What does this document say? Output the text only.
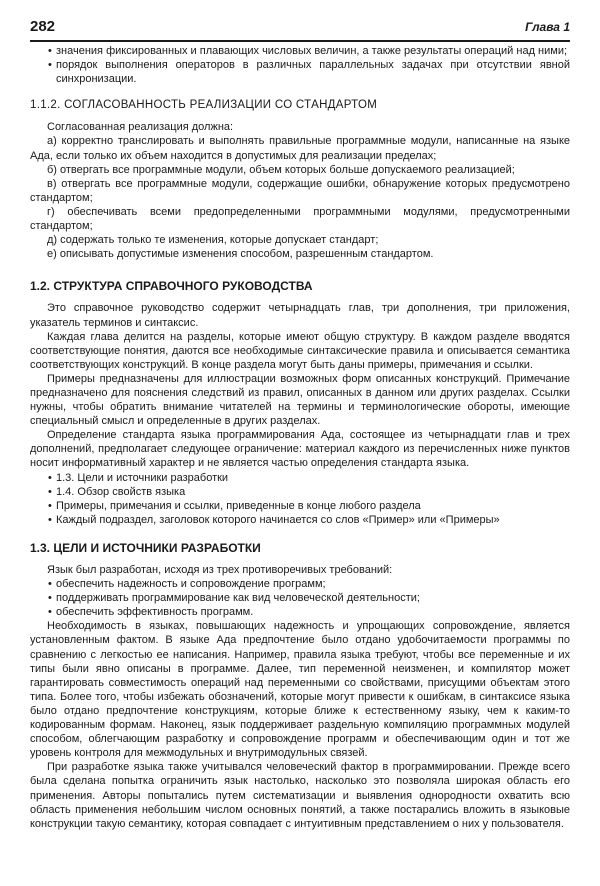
282	Глава 1

• значения фиксированных и плавающих числовых величин, а также результаты операций над ними;

• порядок выполнения операторов в различных параллельных задачах при отсутствии явной синхронизации.

1.1.2. СОГЛАСОВАННОСТЬ РЕАЛИЗАЦИИ СО СТАНДАРТОМ

Согласованная реализация должна:

а) корректно транслировать и выполнять правильные программные модули, написанные на языке Ада, если только их объем находится в допустимых для реализации пределах;

б) отвергать все программные модули, объем которых больше допускаемого реализацией;

в) отвергать все программные модули, содержащие ошибки, обнаружение которых предусмотрено стандартом;

г) обеспечивать всеми предопределенными программными модулями, предусмотренными стандартом;

д) содержать только те изменения, которые допускает стандарт;

е) описывать допустимые изменения способом, разрешенным стандартом.

1.2. СТРУКТУРА СПРАВОЧНОГО РУКОВОДСТВА

Это справочное руководство содержит четырнадцать глав, три дополнения, три приложения, указатель терминов и синтаксис.

Каждая глава делится на разделы, которые имеют общую структуру. В каждом разделе вводятся соответствующие понятия, даются все необходимые синтаксические правила и описывается семантика соответствующих конструкций. В конце раздела могут быть даны примеры, примечания и ссылки.

Примеры предназначены для иллюстрации возможных форм описанных конструкций. Примечание предназначено для пояснения следствий из правил, описанных в данном или других разделах. Ссылки нужны, чтобы обратить внимание читателей на термины и терминологические обороты, имеющие специальный смысл и определенные в других разделах.

Определение стандарта языка программирования Ада, состоящее из четырнадцати глав и трех дополнений, предполагает следующее ограничение: материал каждого из перечисленных ниже пунктов носит информативный характер и не является частью определения стандарта языка.

• 1.3. Цели и источники разработки

• 1.4. Обзор свойств языка

• Примеры, примечания и ссылки, приведенные в конце любого раздела

• Каждый подраздел, заголовок которого начинается со слов «Пример» или «Примеры»

1.3. ЦЕЛИ И ИСТОЧНИКИ РАЗРАБОТКИ

Язык был разработан, исходя из трех противоречивых требований:

• обеспечить надежность и сопровождение программ;

• поддерживать программирование как вид человеческой деятельности;

• обеспечить эффективность программ.

Необходимость в языках, повышающих надежность и упрощающих сопровождение, является установленным фактом. В языке Ада предпочтение было отдано удобочитаемости программы по сравнению с легкостью ее написания. Например, правила языка требуют, чтобы все переменные и их типы были явно описаны в программе. Далее, тип переменной неизменен, и компилятор может гарантировать совместимость операций над переменными со свойствами, присущими объектам этого типа. Более того, чтобы избежать обозначений, которые могут привести к ошибкам, в синтаксисе языка было отдано предпочтение конструкциям, которые ближе к естественному языку, чем к каким-то кодированным формам. Наконец, язык поддерживает раздельную компиляцию программных модулей способом, облегчающим разработку и сопровождение программ и обеспечивающим один и тот же уровень контроля для межмодульных и внутримодульных связей.

При разработке языка также учитывался человеческий фактор в программировании. Прежде всего была сделана попытка ограничить язык настолько, насколько это позволяла широкая область его применения. Авторы попытались путем систематизации и выявления однородности охватить всю область применения небольшим числом основных понятий, а также постарались вложить в языковые конструкции такую семантику, которая совпадает с интуитивным представлением о них у пользователя.
